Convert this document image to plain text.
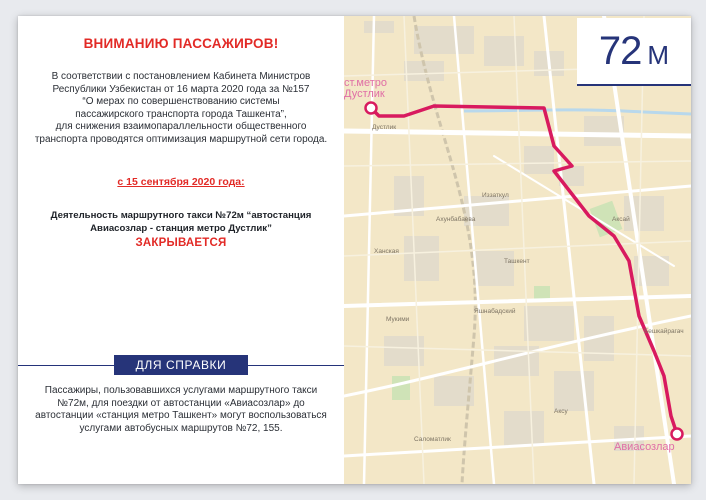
ВНИМАНИЮ ПАССАЖИРОВ!
В соответствии с постановлением Кабинета Министров
Республики Узбекистан от 16 марта 2020 года за №157
“О мерах по совершенствованию системы
пассажирского транспорта города Ташкента”,
для снижения взаимопараллельности общественного
транспорта проводятся оптимизация маршрутной сети города.
с 15 сентября 2020 года:
Деятельность маршрутного такси №72м “автостанция
Авиасозлар - станция метро Дустлик”
ЗАКРЫВАЕТСЯ
ДЛЯ СПРАВКИ
Пассажиры, пользовавшихся услугами маршрутного такси
№72м, для поездки от автостанции «Авиасозлар» до
автостанции «станция метро Ташкент» могут воспользоваться
услугами автобусных маршрутов №72, 155.
ст.метро
Дустлик
Авиасозлар
Дустлик
Аксай
Ханская
Бешкайрагач
Яшнабадский
Ахунбабаева
Иззаткул
Мукими
Ташкент
Аксу
Саломатлик
72 М
